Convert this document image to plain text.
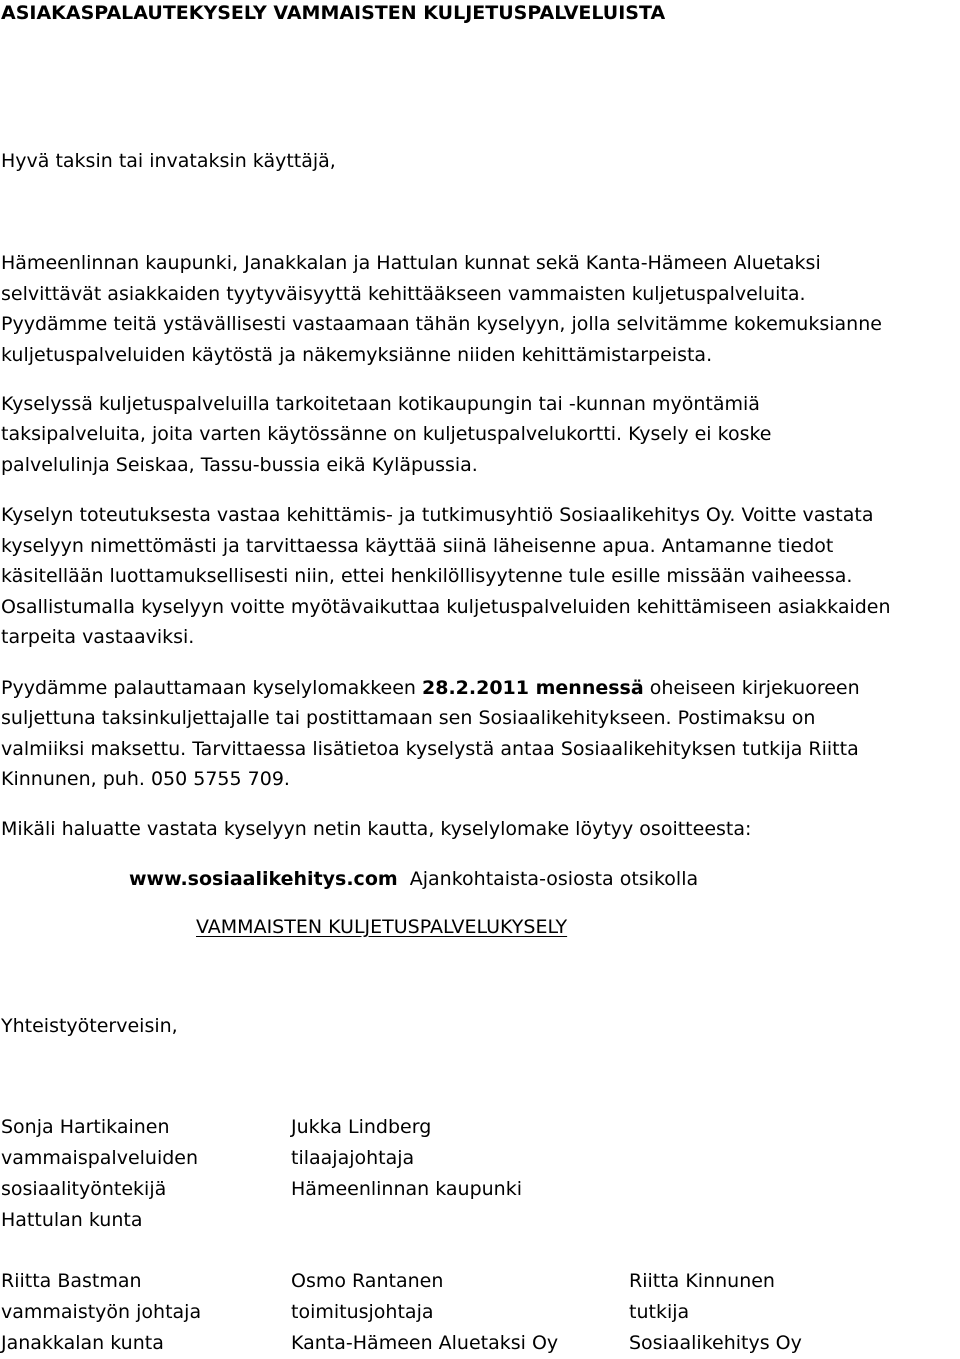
ASIAKASPALAUTEKYSELY VAMMAISTEN KULJETUSPALVELUISTA
Hyvä taksin tai invataksin käyttäjä,
Hämeenlinnan kaupunki, Janakkalan ja Hattulan kunnat sekä Kanta-Hämeen Aluetaksi
selvittävät asiakkaiden tyytyväisyyttä kehittääkseen vammaisten kuljetuspalveluita.
Pyydämme teitä ystävällisesti vastaamaan tähän kyselyyn, jolla selvitämme kokemuksianne
kuljetuspalveluiden käytöstä ja näkemyksiänne niiden kehittämistarpeista.
Kyselyssä kuljetuspalveluilla tarkoitetaan kotikaupungin tai -kunnan myöntämiä
taksipalveluita, joita varten käytössänne on kuljetuspalvelukortti. Kysely ei koske
palvelulinja Seiskaa, Tassu-bussia eikä Kyläpussia.
Kyselyn toteutuksesta vastaa kehittämis- ja tutkimusyhtiö Sosiaalikehitys Oy. Voitte vastata
kyselyyn nimettömästi ja tarvittaessa käyttää siinä läheisenne apua. Antamanne tiedot
käsitellään luottamuksellisesti niin, ettei henkilöllisyytenne tule esille missään vaiheessa.
Osallistumalla kyselyyn voitte myötävaikuttaa kuljetuspalveluiden kehittämiseen asiakkaiden
tarpeita vastaaviksi.
Pyydämme palauttamaan kyselylomakkeen 28.2.2011 mennessä oheiseen kirjekuoreen
suljettuna taksinkuljettajalle tai postittamaan sen Sosiaalikehitykseen. Postimaksu on
valmiiksi maksettu. Tarvittaessa lisätietoa kyselystä antaa Sosiaalikehityksen tutkija Riitta
Kinnunen, puh. 050 5755 709.
Mikäli haluatte vastata kyselyyn netin kautta, kyselylomake löytyy osoitteesta:
www.sosiaalikehitys.com  Ajankohtaista-osiosta otsikolla
VAMMAISTEN KULJETUSPALVELUKYSELY
Yhteistyöterveisin,
Sonja Hartikainen
vammaispalveluiden
sosiaalityöntekijä
Hattulan kunta
Jukka Lindberg
tilaajajohtaja
Hämeenlinnan kaupunki
Riitta Bastman
vammaistyön johtaja
Janakkalan kunta
Osmo Rantanen
toimitusjohtaja
Kanta-Hämeen Aluetaksi Oy
Riitta Kinnunen
tutkija
Sosiaalikehitys Oy
